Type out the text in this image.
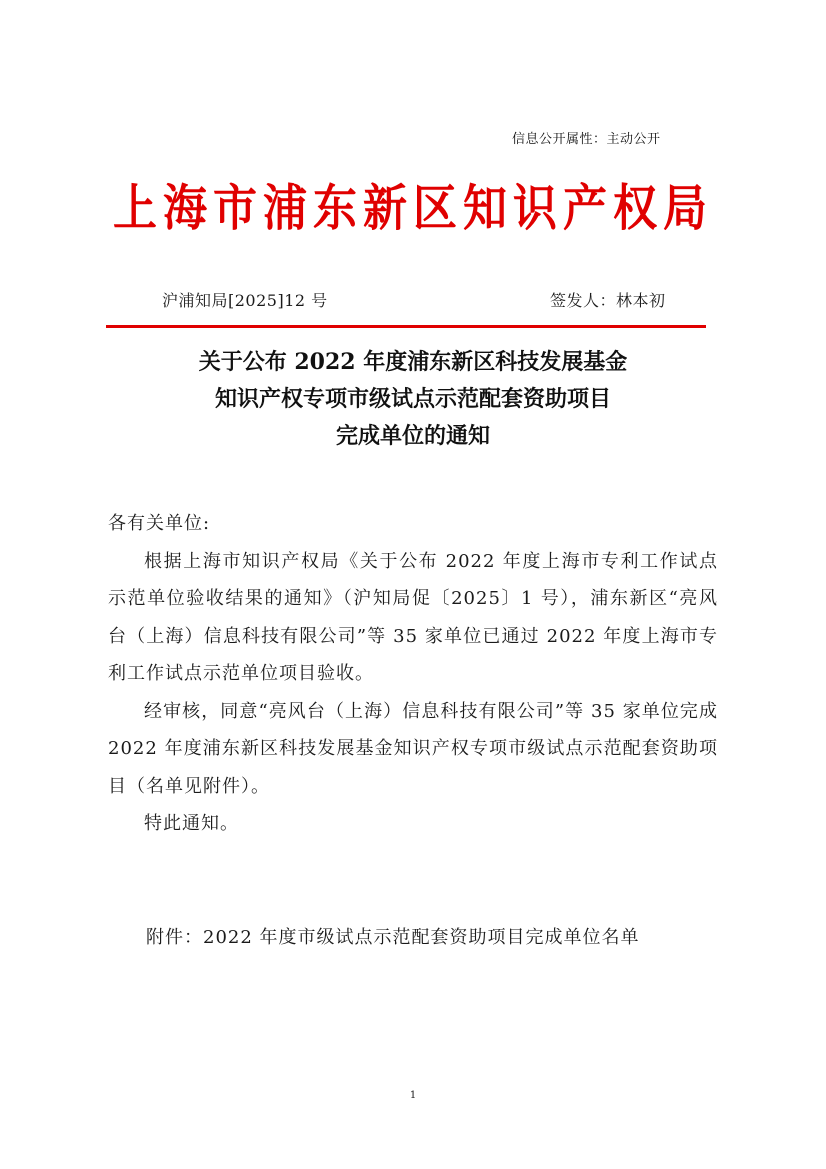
信息公开属性：主动公开
上海市浦东新区知识产权局
沪浦知局[2025]12 号	签发人：林本初
关于公布 2022 年度浦东新区科技发展基金
知识产权专项市级试点示范配套资助项目
完成单位的通知

各有关单位:

根据上海市知识产权局《关于公布 2022 年度上海市专利工作试点示范单位验收结果的通知》（沪知局促〔2025〕1 号），浦东新区“亮风台（上海）信息科技有限公司”等 35 家单位已通过 2022 年度上海市专利工作试点示范单位项目验收。

经审核，同意“亮风台（上海）信息科技有限公司”等 35 家单位完成 2022 年度浦东新区科技发展基金知识产权专项市级试点示范配套资助项目（名单见附件）。

特此通知。

附件：2022 年度市级试点示范配套资助项目完成单位名单
1
